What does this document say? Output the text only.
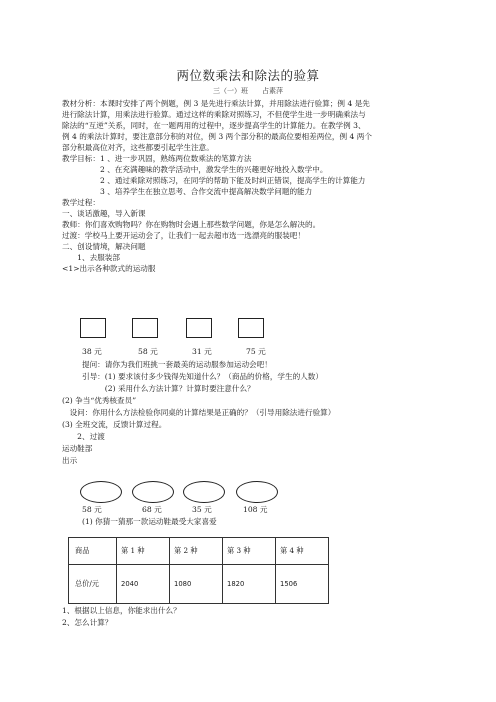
两位数乘法和除法的验算
三（一）班　　占素萍
教材分析：本课时安排了两个例题，例 3 是先进行乘法计算，并用除法进行验算；例 4 是先
进行除法计算，用乘法进行验算。通过这样的乘除对照练习，不但使学生进一步明确乘法与
除法的“互逆”关系，同时，在一题两用的过程中，逐步提高学生的计算能力。在教学例 3、
例 4 的乘法计算时，要注意部分积的对位，例 3 两个部分积的最高位要相差两位，例 4 两个
部分积最高位对齐，这些都要引起学生注意。
教学目标：1 、进一步巩固，熟练两位数乘法的笔算方法
　　　　　2 、在充满趣味的教学活动中，激发学生的兴趣更好地投入数学中。
　　　　　2 、通过乘除对照练习，在同学的帮助下能及时纠正错误，提高学生的计算能力
　　　　　3 、培养学生在独立思考、合作交流中提高解决数学问题的能力
教学过程：
一、谈话激趣，导入新课
教师：你们喜欢购物吗？你在购物时会遇上那些数学问题，你是怎么解决的。
过渡：学校马上要开运动会了，让我们一起去超市选一选漂亮的服装吧！
二、创设情境，解决问题
　　1、去服装部
<1>出示各种款式的运动服
38 元	58 元	31 元	75 元
提问：请你为我们班挑一套最美的运动服参加运动会吧！
引导：(1) 要求该付多少钱得先知道什么？（商品的价格，学生的人数）
　　　(2) 采用什么方法计算？计算时要注意什么？
(2) 争当“优秀核查员”
　设问：你用什么方法检验你同桌的计算结果是正确的？（引导用除法进行验算）
(3) 全班交流，反馈计算过程。
　　2、过渡
运动鞋部
出示
58 元	68 元	35 元	108 元
(1) 你猜一猜那一款运动鞋最受大家喜爱
商品	第 1 种	第 2 种	第 3 种	第 4 种
总价/元	2040	1080	1820	1506
1、根据以上信息，你能求出什么？
2、怎么计算？
